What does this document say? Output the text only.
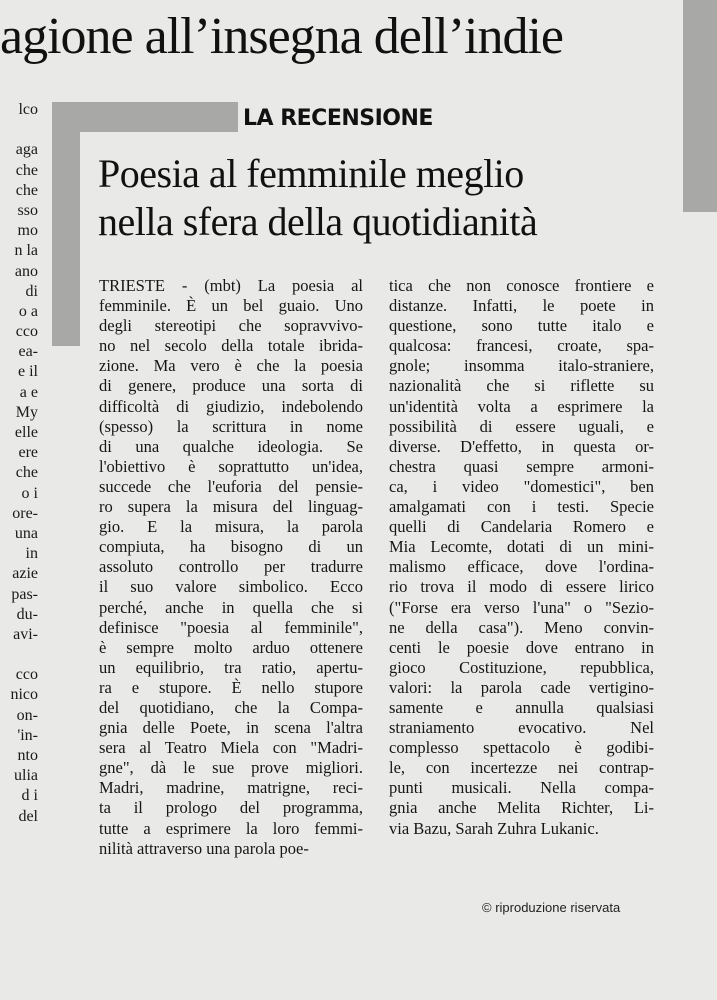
agione all’insegna dell’indie
lco
aga
che
che
sso
mo
n la
ano
di
o a
cco
ea-
e il
a e
My
elle
ere
che
o i
ore-
una
in
azie
pas-
du-
avi-
cco
nico
on-
'in-
nto
ulia
d i
del
LA RECENSIONE
Poesia al femminile meglio
nella sfera della quotidianità
TRIESTE - (mbt) La poesia al
femminile. È un bel guaio. Uno
degli stereotipi che sopravvivo-
no nel secolo della totale ibrida-
zione. Ma vero è che la poesia
di genere, produce una sorta di
difficoltà di giudizio, indebolendo
(spesso) la scrittura in nome
di una qualche ideologia. Se
l'obiettivo è soprattutto un'idea,
succede che l'euforia del pensie-
ro supera la misura del linguag-
gio. E la misura, la parola
compiuta, ha bisogno di un
assoluto controllo per tradurre
il suo valore simbolico. Ecco
perché, anche in quella che si
definisce "poesia al femminile",
è sempre molto arduo ottenere
un equilibrio, tra ratio, apertu-
ra e stupore. È nello stupore
del quotidiano, che la Compa-
gnia delle Poete, in scena l'altra
sera al Teatro Miela con "Madri-
gne", dà le sue prove migliori.
Madri, madrine, matrigne, reci-
ta il prologo del programma,
tutte a esprimere la loro femmi-
nilità attraverso una parola poe-
tica che non conosce frontiere e
distanze. Infatti, le poete in
questione, sono tutte italo e
qualcosa: francesi, croate, spa-
gnole; insomma italo-straniere,
nazionalità che si riflette su
un'identità volta a esprimere la
possibilità di essere uguali, e
diverse. D'effetto, in questa or-
chestra quasi sempre armoni-
ca, i video "domestici", ben
amalgamati con i testi. Specie
quelli di Candelaria Romero e
Mia Lecomte, dotati di un mini-
malismo efficace, dove l'ordina-
rio trova il modo di essere lirico
("Forse era verso l'una" o "Sezio-
ne della casa"). Meno convin-
centi le poesie dove entrano in
gioco Costituzione, repubblica,
valori: la parola cade vertigino-
samente e annulla qualsiasi
straniamento evocativo. Nel
complesso spettacolo è godibi-
le, con incertezze nei contrap-
punti musicali. Nella compa-
gnia anche Melita Richter, Li-
via Bazu, Sarah Zuhra Lukanic.
© riproduzione riservata
